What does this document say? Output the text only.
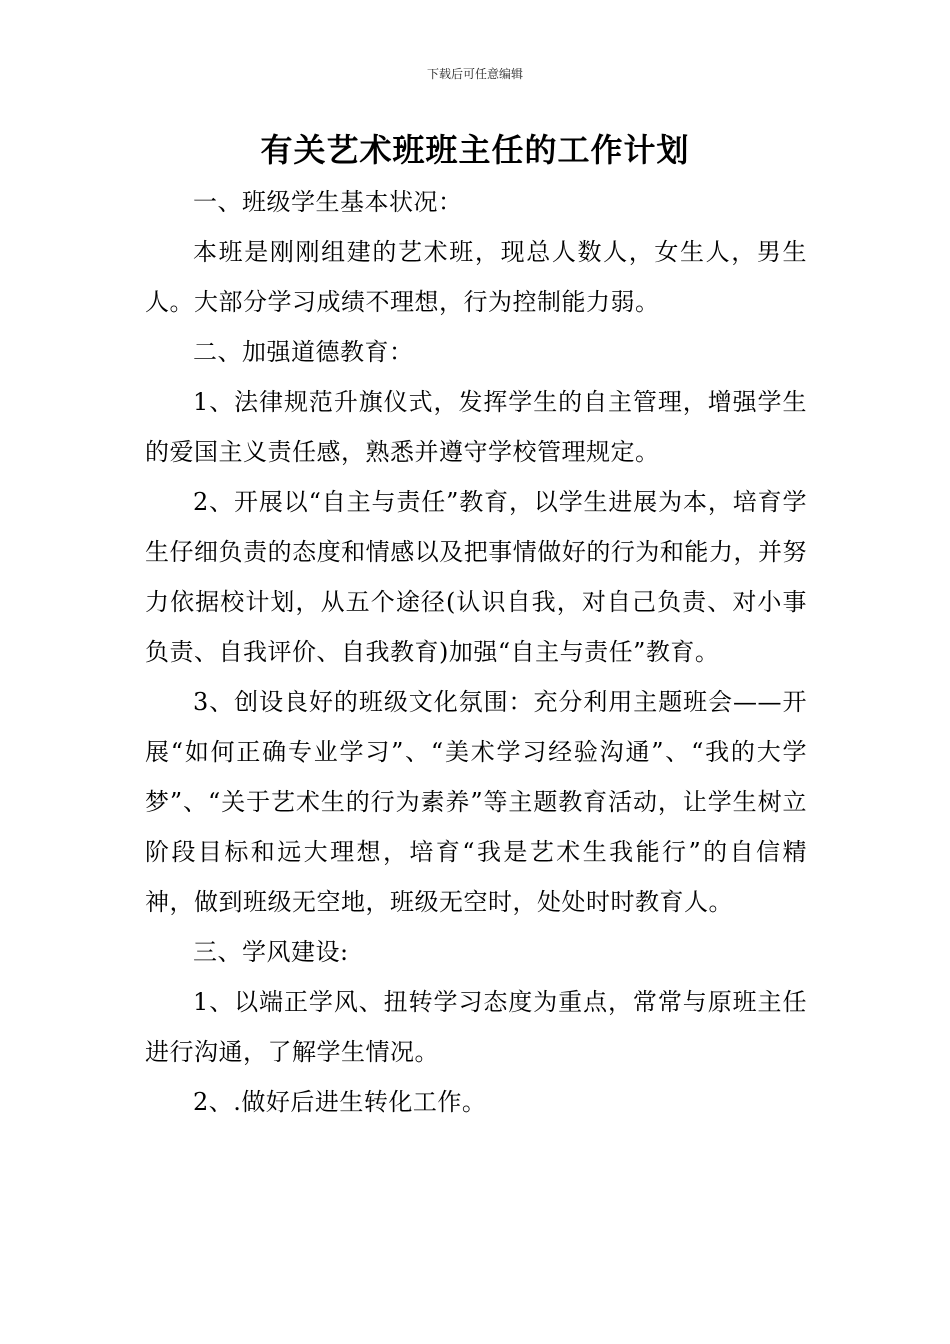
下载后可任意编辑
有关艺术班班主任的工作计划

一、班级学生基本状况：

本班是刚刚组建的艺术班，现总人数人，女生人，男生人。大部分学习成绩不理想，行为控制能力弱。

二、加强道德教育：

1、法律规范升旗仪式，发挥学生的自主管理，增强学生的爱国主义责任感，熟悉并遵守学校管理规定。

2、开展以“自主与责任”教育，以学生进展为本，培育学生仔细负责的态度和情感以及把事情做好的行为和能力，并努力依据校计划，从五个途径(认识自我，对自己负责、对小事负责、自我评价、自我教育)加强“自主与责任”教育。

3、创设良好的班级文化氛围：充分利用主题班会——开展“如何正确专业学习”、“美术学习经验沟通”、“我的大学梦”、“关于艺术生的行为素养”等主题教育活动，让学生树立阶段目标和远大理想，培育“我是艺术生我能行”的自信精神，做到班级无空地，班级无空时，处处时时教育人。

三、学风建设:

1、以端正学风、扭转学习态度为重点，常常与原班主任进行沟通，了解学生情况。

2、.做好后进生转化工作。
